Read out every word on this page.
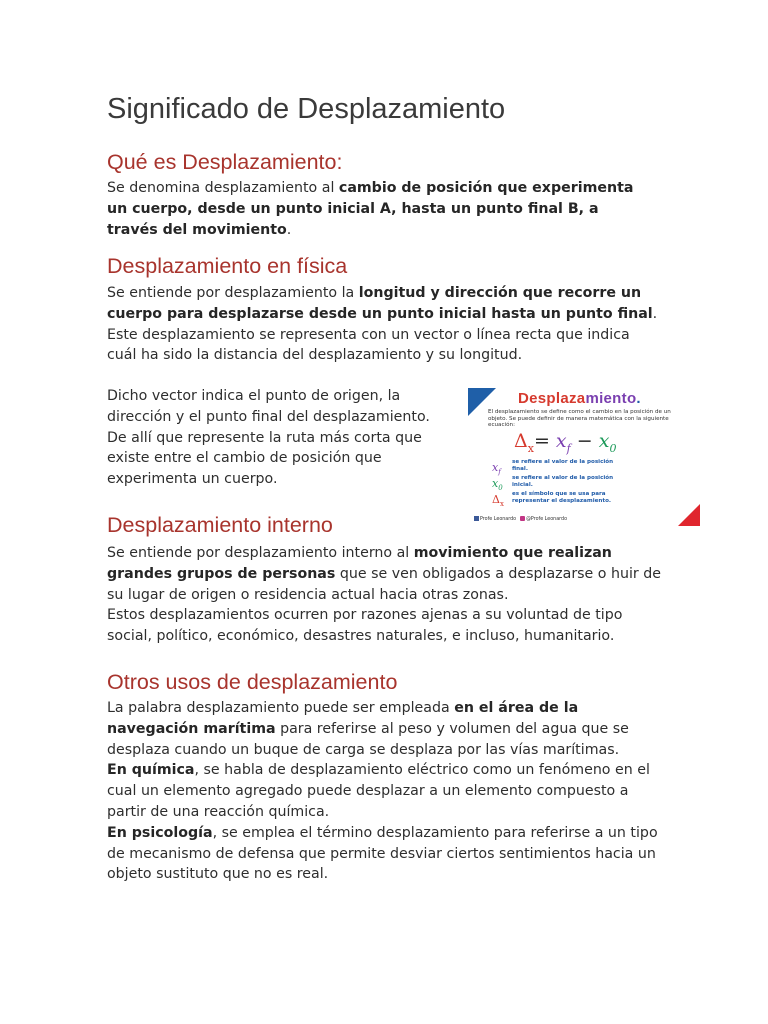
Significado de Desplazamiento
Qué es Desplazamiento:

Se denomina desplazamiento al cambio de posición que experimenta un cuerpo, desde un punto inicial A, hasta un punto final B, a través del movimiento.

Desplazamiento en física

Se entiende por desplazamiento la longitud y dirección que recorre un cuerpo para desplazarse desde un punto inicial hasta un punto final.
Este desplazamiento se representa con un vector o línea recta que indica cuál ha sido la distancia del desplazamiento y su longitud.

Dicho vector indica el punto de origen, la dirección y el punto final del desplazamiento. De allí que represente la ruta más corta que existe entre el cambio de posición que experimenta un cuerpo.

Desplazamiento interno

Se entiende por desplazamiento interno al movimiento que realizan grandes grupos de personas que se ven obligados a desplazarse o huir de su lugar de origen o residencia actual hacia otras zonas.
Estos desplazamientos ocurren por razones ajenas a su voluntad de tipo social, político, económico, desastres naturales, e incluso, humanitario.

Otros usos de desplazamiento

La palabra desplazamiento puede ser empleada en el área de la navegación marítima para referirse al peso y volumen del agua que se desplaza cuando un buque de carga se desplaza por las vías marítimas.
En química, se habla de desplazamiento eléctrico como un fenómeno en el cual un elemento agregado puede desplazar a un elemento compuesto a partir de una reacción química.
En psicología, se emplea el término desplazamiento para referirse a un tipo de mecanismo de defensa que permite desviar ciertos sentimientos hacia un objeto sustituto que no es real.

Desplazamiento.
El desplazamiento se define como el cambio en la posición de un objeto. Se puede definir de manera matemática con la siguiente ecuación:
$\Delta_x= x_f - x_0$
$x_fse$ refiere al valor de la posición final.
$x_0se$ refiere al valor de la posición inicial.
$\Delta_xes$ el símbolo que se usa para representar el desplazamiento.
Profe Leonardo @Profe Leonardo
